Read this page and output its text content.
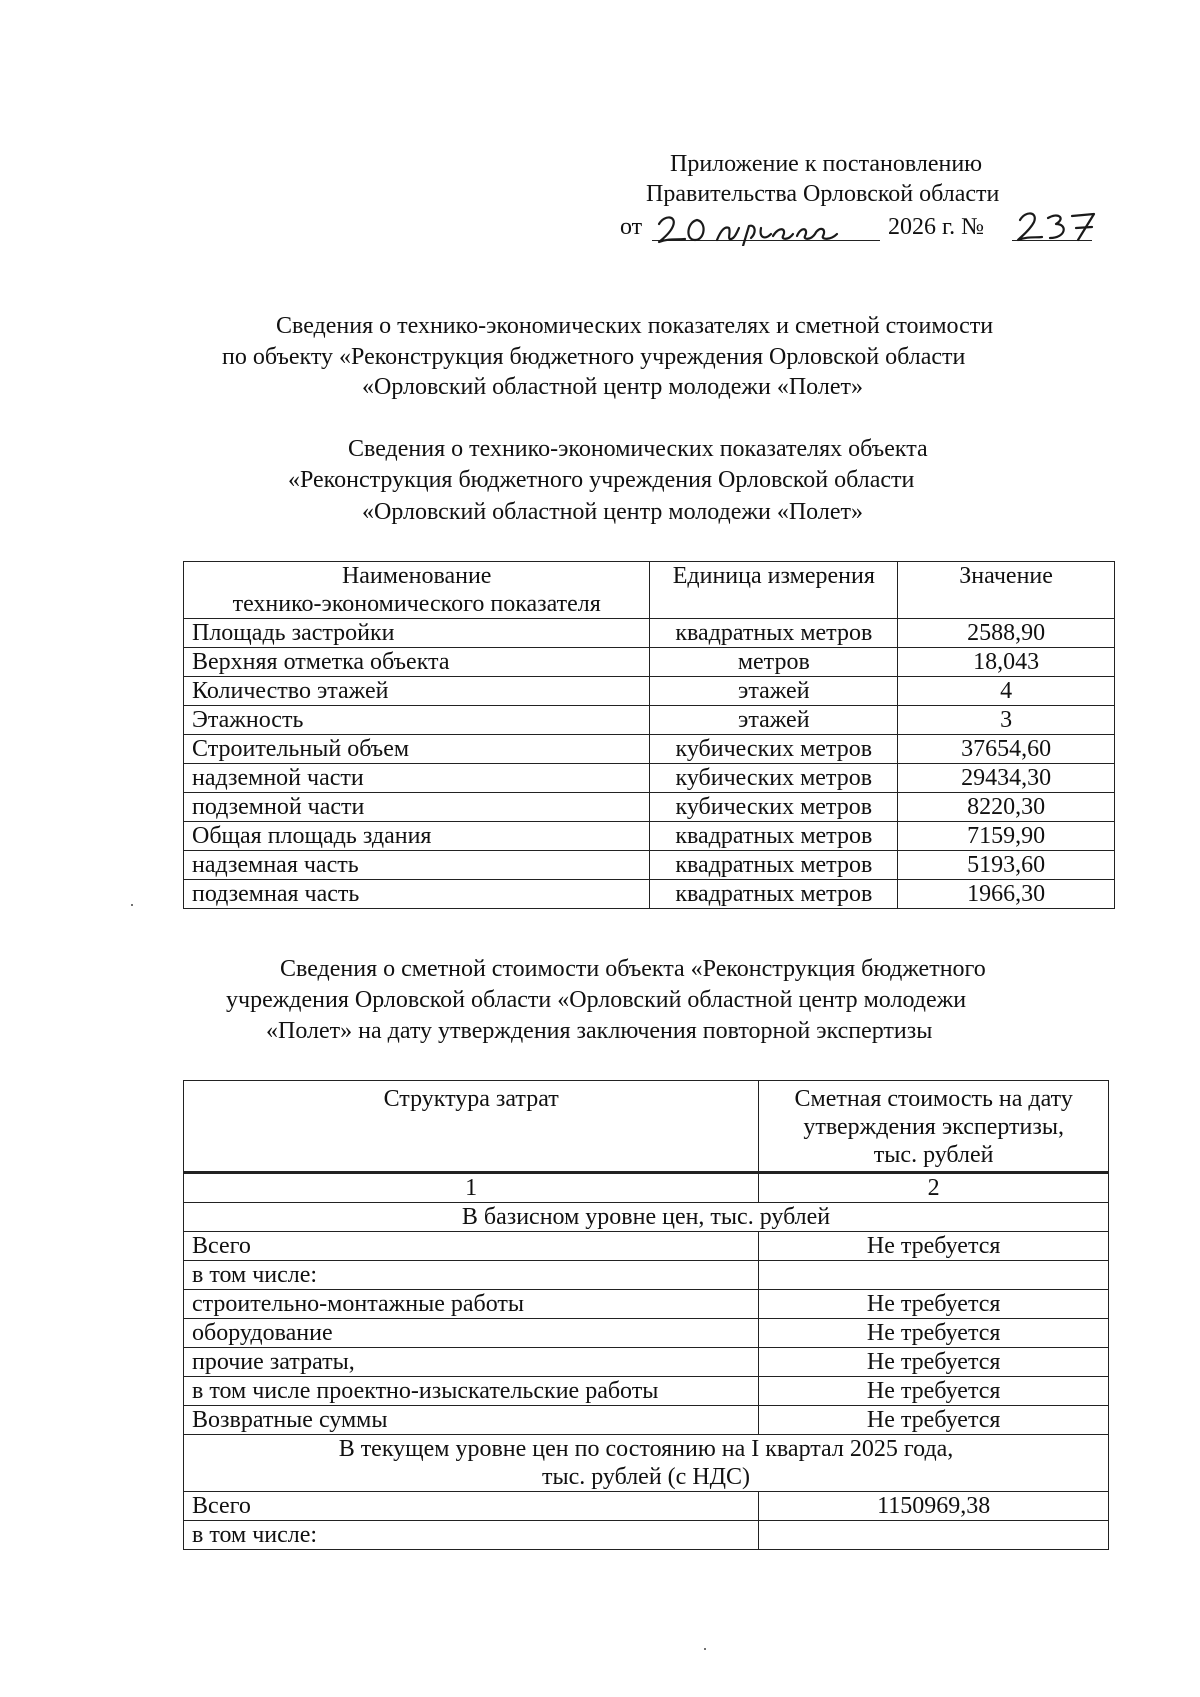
Приложение к постановлению
Правительства Орловской области
от	2026 г. №
Сведения о технико-экономических показателях и сметной стоимости
по объекту «Реконструкция бюджетного учреждения Орловской области
«Орловский областной центр молодежи «Полет»
Сведения о технико-экономических показателях объекта
«Реконструкция бюджетного учреждения Орловской области
«Орловский областной центр молодежи «Полет»
Наименование
технико-экономического показателя	Единица измерения	Значение
Площадь застройки	квадратных метров	2588,90
Верхняя отметка объекта	метров	18,043
Количество этажей	этажей	4
Этажность	этажей	3
Строительный объем	кубических метров	37654,60
надземной части	кубических метров	29434,30
подземной части	кубических метров	8220,30
Общая площадь здания	квадратных метров	7159,90
надземная часть	квадратных метров	5193,60
подземная часть	квадратных метров	1966,30
Сведения о сметной стоимости объекта «Реконструкция бюджетного
учреждения Орловской области «Орловский областной центр молодежи
«Полет» на дату утверждения заключения повторной экспертизы
Структура затрат	Сметная стоимость на дату
утверждения экспертизы,
тыс. рублей

1	2
В базисном уровне цен, тыс. рублей	
Всего	Не требуется
в том числе:	
строительно-монтажные работы	Не требуется
оборудование	Не требуется
прочие затраты,	Не требуется
в том числе проектно-изыскательские работы	Не требуется
Возвратные суммы	Не требуется

В текущем уровне цен по состоянию на I квартал 2025 года,
тыс. рублей (с НДС)	

Всего	1150969,38
в том числе:	
